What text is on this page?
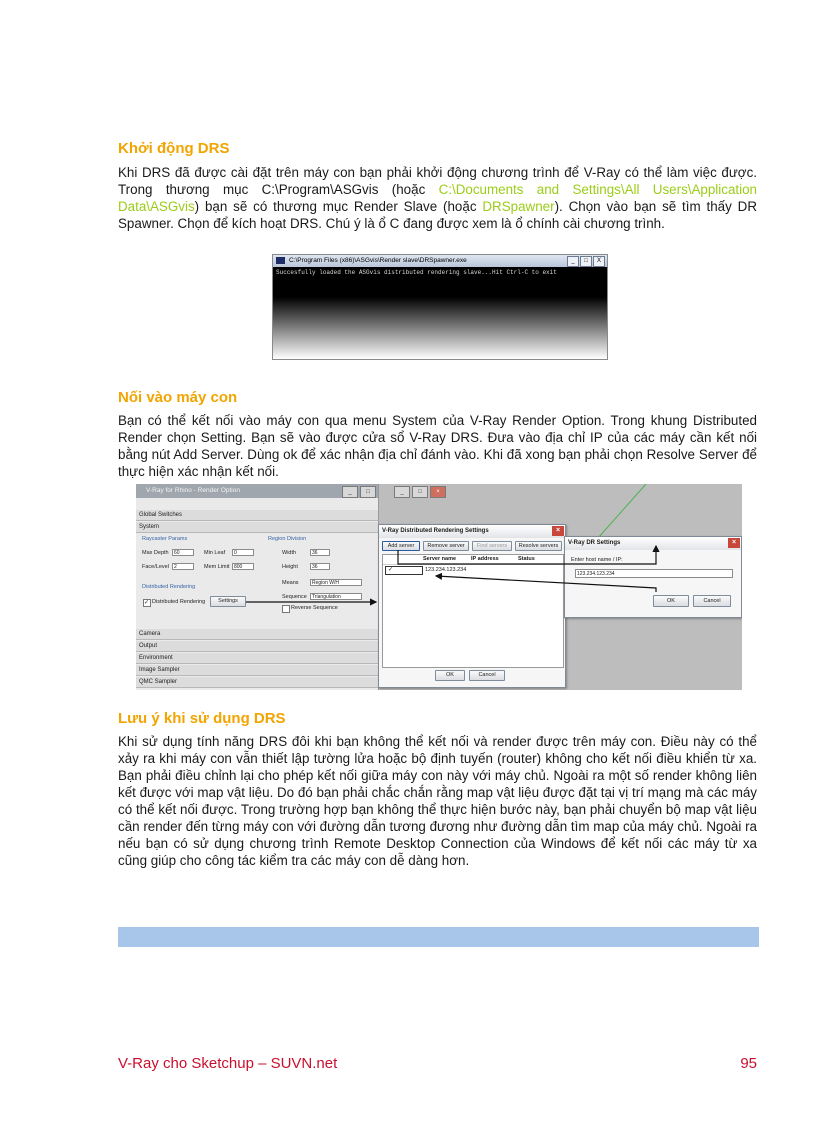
Khởi động DRS

Khi DRS đã được cài đặt trên máy con bạn phải khởi động chương trình để V-Ray có thể làm việc được. Trong thương mục C:\Program\ASGvis (hoặc C:\Documents and Settings\All Users\Application Data\ASGvis) bạn sẽ có thương mục Render Slave (hoặc DRSpawner). Chọn vào bạn sẽ tìm thấy DR Spawner. Chọn để kích hoạt DRS. Chú ý là ổ C đang được xem là ổ chính cài chương trình.

C:\Program Files (x86)\ASGvis\Render slave\DRSpawner.exe	_	□	X
Succesfully loaded the ASGvis distributed rendering slave...Hit Ctrl-C to exit
Nối vào máy con

Bạn có thể kết nối vào máy con qua menu System của V-Ray Render Option. Trong khung Distributed Render chọn Setting. Bạn sẽ vào được cửa sổ V-Ray DRS. Đưa vào địa chỉ IP của các máy cần kết nối bằng nút Add Server. Dùng ok để xác nhận địa chỉ đánh vào. Khi đã xong bạn phải chọn Resolve Server để thực hiện xác nhận kết nối.

V-Ray for Rhino - Render Option
Global Switches
System
Raycaster Params
Max Depth	60	Min Leaf	0
Face/Level	2	Mem Limit 800
Region Division
Width	36
Height	36
Means	Region W/H
Sequence	Triangulation
Reverse Sequence
Distributed Rendering
✓ Distributed Rendering	Settings
Camera
Output
Environment
Image Sampler
QMC Sampler
_	□	_	□	×
V-Ray Distributed Rendering Settings	×
Add server	Remove server	Find servers	Resolve servers
Server name	IP address	Status
✓	123.234.123.234
OK	Cancel
V-Ray DR Settings	×
Enter host name / IP:
123.234.123.234
OK	Cancel
Lưu ý khi sử dụng DRS

Khi sử dụng tính năng DRS đôi khi bạn không thể kết nối và render được trên máy con. Điều này có thể xảy ra khi máy con vẫn thiết lập tường lửa hoặc bộ định tuyến (router) không cho kết nối điều khiển từ xa. Bạn phải điều chỉnh lại cho phép kết nối giữa máy con này với máy chủ. Ngoài ra một số render không liên kết được với map vật liệu. Do đó bạn phải chắc chắn rằng map vật liệu được đặt tại vị trí mạng mà các máy có thể kết nối được. Trong trường hợp bạn không thể thực hiện bước này, bạn phải chuyển bộ map vật liệu cần render đến từng máy con với đường dẫn tương đương như đường dẫn tìm map của máy chủ. Ngoài ra nếu bạn có sử dụng chương trình Remote Desktop Connection của Windows để kết nối các máy từ xa cũng giúp cho công tác kiểm tra các máy con dễ dàng hơn.

V-Ray cho Sketchup – SUVN.net	95
